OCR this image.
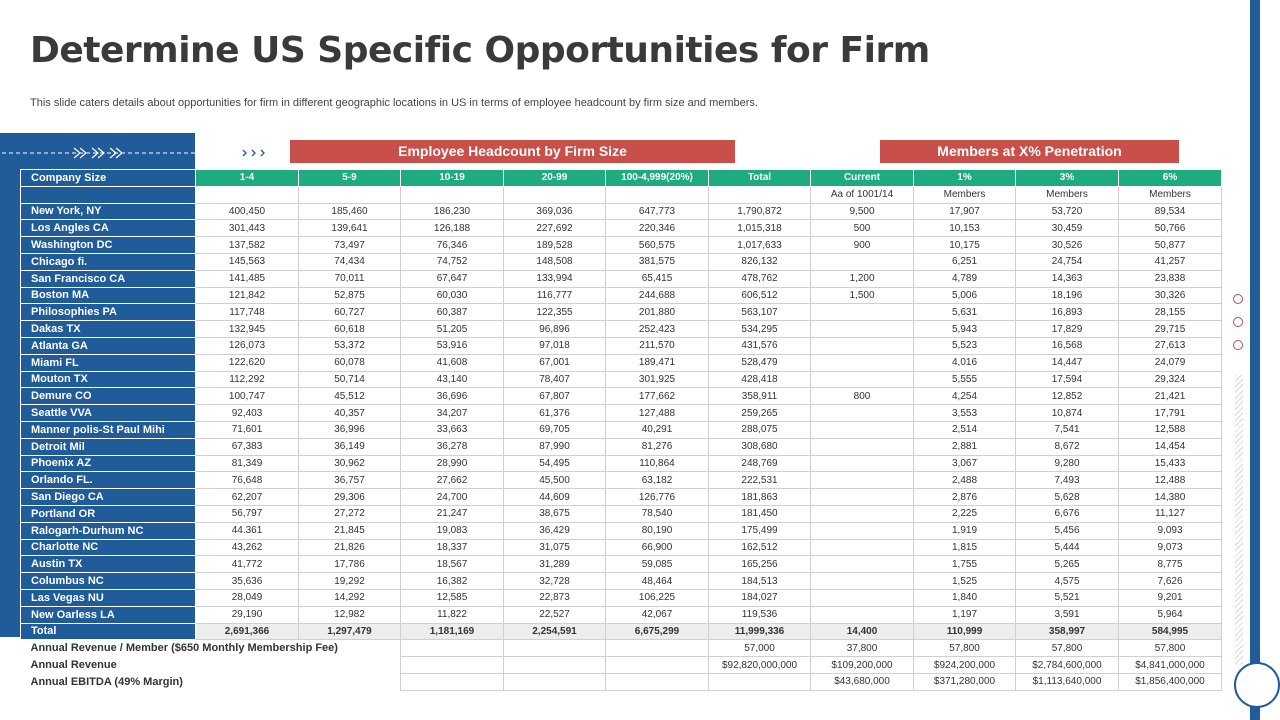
Determine US Specific Opportunities for Firm
This slide caters details about opportunities for firm in different geographic locations in US in terms of employee headcount by firm size and members.
Employee Headcount by Firm Size	Members at X% Penetration
Company Size	1-4	5-9	10-19	20-99	100-4,999(20%)	Total	Current	1%	3%	6%
							Aa of 1001/14	Members	Members	Members
New York, NY	400,450	185,460	186,230	369,036	647,773	1,790,872	9,500	17,907	53,720	89,534
Los Angles CA	301,443	139,641	126,188	227,692	220,346	1,015,318	500	10,153	30,459	50,766
Washington DC	137,582	73,497	76,346	189,528	560,575	1,017,633	900	10,175	30,526	50,877
Chicago fi.	145,563	74,434	74,752	148,508	381,575	826,132		6,251	24,754	41,257
San Francisco CA	141,485	70,011	67,647	133,994	65,415	478,762	1,200	4,789	14,363	23,838
Boston MA	121,842	52,875	60,030	116,777	244,688	606,512	1,500	5,006	18,196	30,326
Philosophies PA	117,748	60,727	60,387	122,355	201,880	563,107		5,631	16,893	28,155
Dakas TX	132,945	60,618	51,205	96,896	252,423	534,295		5,943	17,829	29,715
Atlanta GA	126,073	53,372	53,916	97,018	211,570	431,576		5,523	16,568	27,613
Miami FL	122,620	60,078	41,608	67,001	189,471	528,479		4,016	14,447	24,079
Mouton TX	112,292	50,714	43,140	78,407	301,925	428,418		5,555	17,594	29,324
Demure CO	100,747	45,512	36,696	67,807	177,662	358,911	800	4,254	12,852	21,421
Seattle VVA	92,403	40,357	34,207	61,376	127,488	259,265		3,553	10,874	17,791
Manner polis-St Paul Mihi	71,601	36,996	33,663	69,705	40,291	288,075		2,514	7,541	12,588
Detroit Mil	67,383	36,149	36,278	87,990	81,276	308,680		2,881	8,672	14,454
Phoenix AZ	81,349	30,962	28,990	54,495	110,864	248,769		3,067	9,280	15,433
Orlando FL.	76,648	36,757	27,662	45,500	63,182	222,531		2,488	7,493	12,488
San Diego CA	62,207	29,306	24,700	44,609	126,776	181,863		2,876	5,628	14,380
Portland OR	56,797	27,272	21,247	38,675	78,540	181,450		2,225	6,676	11,127
Ralogarh-Durhum NC	44.361	21,845	19,083	36,429	80,190	175,499		1,919	5,456	9,093
Charlotte NC	43,262	21,826	18,337	31,075	66,900	162,512		1,815	5,444	9,073
Austin TX	41,772	17,786	18,567	31,289	59,085	165,256		1,755	5,265	8,775
Columbus NC	35,636	19,292	16,382	32,728	48,464	184,513		1,525	4,575	7,626
Las Vegas NU	28,049	14,292	12,585	22,873	106,225	184,027		1,840	5,521	9,201
New Oarless LA	29,190	12,982	11,822	22,527	42,067	119,536		1,197	3,591	5,964
Total	2,691,366	1,297,479	1,181,169	2,254,591	6,675,299	11,999,336	14,400	110,999	358,997	584,995
Annual Revenue / Member ($650 Monthly Membership Fee)						57,000	37,800	57,800	57,800	57,800
Annual Revenue						$92,820,000,000	$109,200,000	$924,200,000	$2,784,600,000	$4,841,000,000
Annual EBITDA (49% Margin)							$43,680,000	$371,280,000	$1,113,640,000	$1,856,400,000
